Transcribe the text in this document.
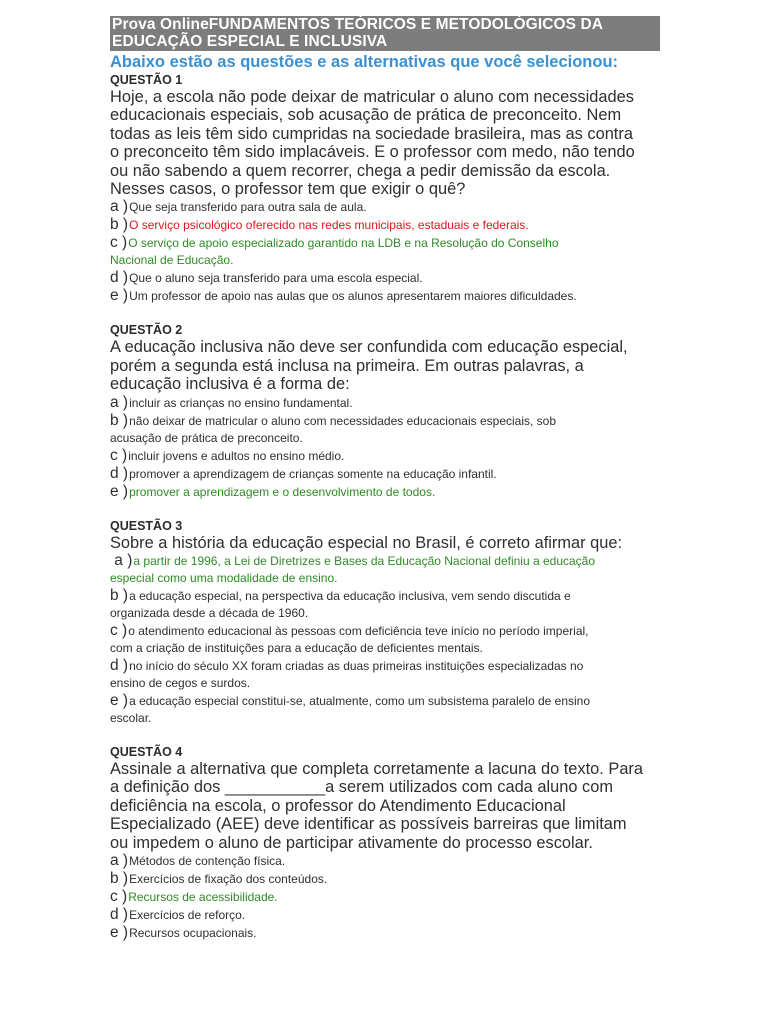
Prova OnlineFUNDAMENTOS TEÓRICOS E METODOLÓGICOS DA
EDUCAÇÃO ESPECIAL E INCLUSIVA
Abaixo estão as questões e as alternativas que você selecionou:
QUESTÃO 1
Hoje, a escola não pode deixar de matricular o aluno com necessidades
educacionais especiais, sob acusação de prática de preconceito. Nem
todas as leis têm sido cumpridas na sociedade brasileira, mas as contra
o preconceito têm sido implacáveis. E o professor com medo, não tendo
ou não sabendo a quem recorrer, chega a pedir demissão da escola.
Nesses casos, o professor tem que exigir o quê?
a )Que seja transferido para outra sala de aula.
b )O serviço psicológico oferecido nas redes municipais, estaduais e federais.
c )O serviço de apoio especializado garantido na LDB e na Resolução do Conselho
Nacional de Educação.
d )Que o aluno seja transferido para uma escola especial.
e )Um professor de apoio nas aulas que os alunos apresentarem maiores dificuldades.
QUESTÃO 2
A educação inclusiva não deve ser confundida com educação especial,
porém a segunda está inclusa na primeira. Em outras palavras, a
educação inclusiva é a forma de:
a )incluir as crianças no ensino fundamental.
b )não deixar de matricular o aluno com necessidades educacionais especiais, sob
acusação de prática de preconceito.
c )incluir jovens e adultos no ensino médio.
d )promover a aprendizagem de crianças somente na educação infantil.
e )promover a aprendizagem e o desenvolvimento de todos.
QUESTÃO 3
Sobre a história da educação especial no Brasil, é correto afirmar que:
a )a partir de 1996, a Lei de Diretrizes e Bases da Educação Nacional definiu a educação
especial como uma modalidade de ensino.
b )a educação especial, na perspectiva da educação inclusiva, vem sendo discutida e
organizada desde a década de 1960.
c )o atendimento educacional às pessoas com deficiência teve início no período imperial,
com a criação de instituições para a educação de deficientes mentais.
d )no início do século XX foram criadas as duas primeiras instituições especializadas no
ensino de cegos e surdos.
e )a educação especial constitui-se, atualmente, como um subsistema paralelo de ensino
escolar.
QUESTÃO 4
Assinale a alternativa que completa corretamente a lacuna do texto. Para
a definição dos ___________a serem utilizados com cada aluno com
deficiência na escola, o professor do Atendimento Educacional
Especializado (AEE) deve identificar as possíveis barreiras que limitam
ou impedem o aluno de participar ativamente do processo escolar.
a )Métodos de contenção física.
b )Exercícios de fixação dos conteúdos.
c )Recursos de acessibilidade.
d )Exercícios de reforço.
e )Recursos ocupacionais.
